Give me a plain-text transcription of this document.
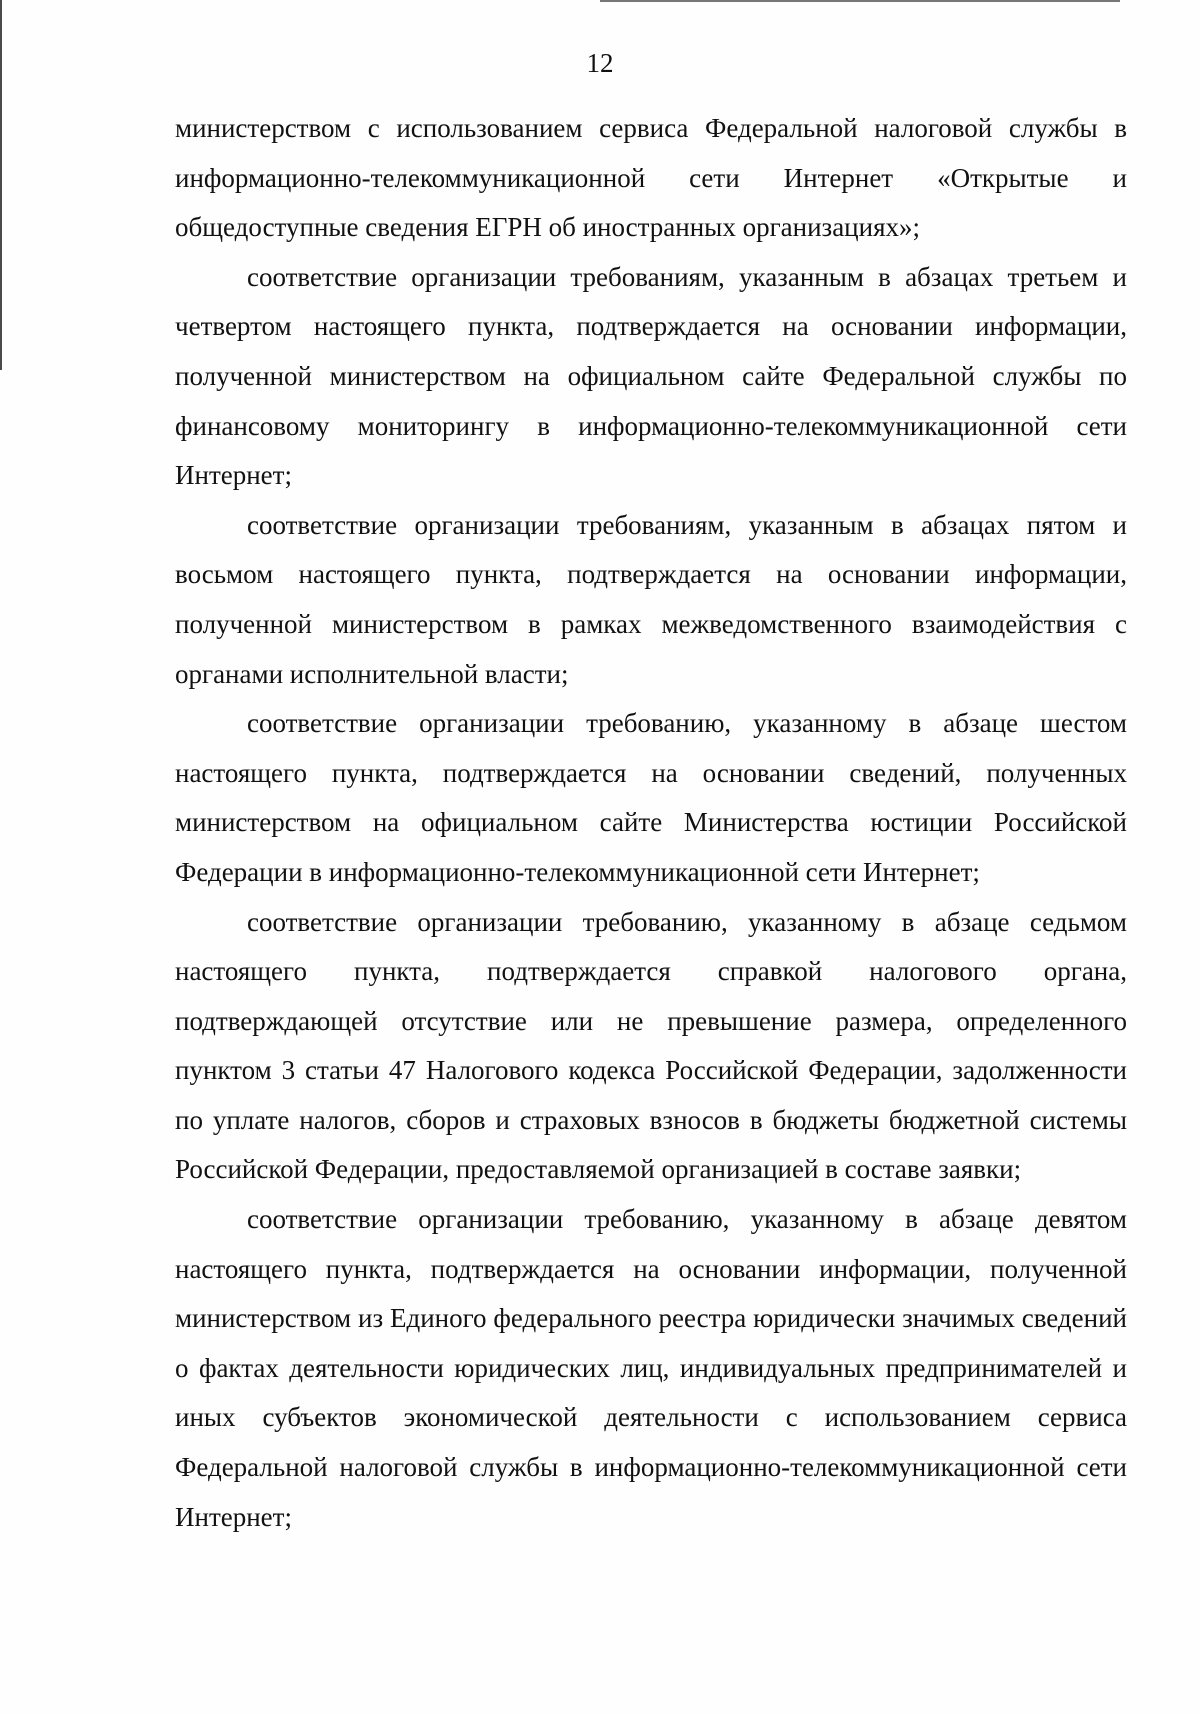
12

министерством с использованием сервиса Федеральной налоговой службы в информационно-телекоммуникационной сети Интернет «Открытые и общедоступные сведения ЕГРН об иностранных организациях»;

соответствие организации требованиям, указанным в абзацах третьем и четвертом настоящего пункта, подтверждается на основании информации, полученной министерством на официальном сайте Федеральной службы по финансовому мониторингу в информационно-телекоммуникационной сети Интернет;

соответствие организации требованиям, указанным в абзацах пятом и восьмом настоящего пункта, подтверждается на основании информации, полученной министерством в рамках межведомственного взаимодействия с органами исполнительной власти;

соответствие организации требованию, указанному в абзаце шестом настоящего пункта, подтверждается на основании сведений, полученных министерством на официальном сайте Министерства юстиции Российской Федерации в информационно-телекоммуникационной сети Интернет;

соответствие организации требованию, указанному в абзаце седьмом настоящего пункта, подтверждается справкой налогового органа, подтверждающей отсутствие или не превышение размера, определенного пунктом 3 статьи 47 Налогового кодекса Российской Федерации, задолженности по уплате налогов, сборов и страховых взносов в бюджеты бюджетной системы Российской Федерации, предоставляемой организацией в составе заявки;

соответствие организации требованию, указанному в абзаце девятом настоящего пункта, подтверждается на основании информации, полученной министерством из Единого федерального реестра юридически значимых сведений о фактах деятельности юридических лиц, индивидуальных предпринимателей и иных субъектов экономической деятельности с использованием сервиса Федеральной налоговой службы в информационно-телекоммуникационной сети Интернет;
